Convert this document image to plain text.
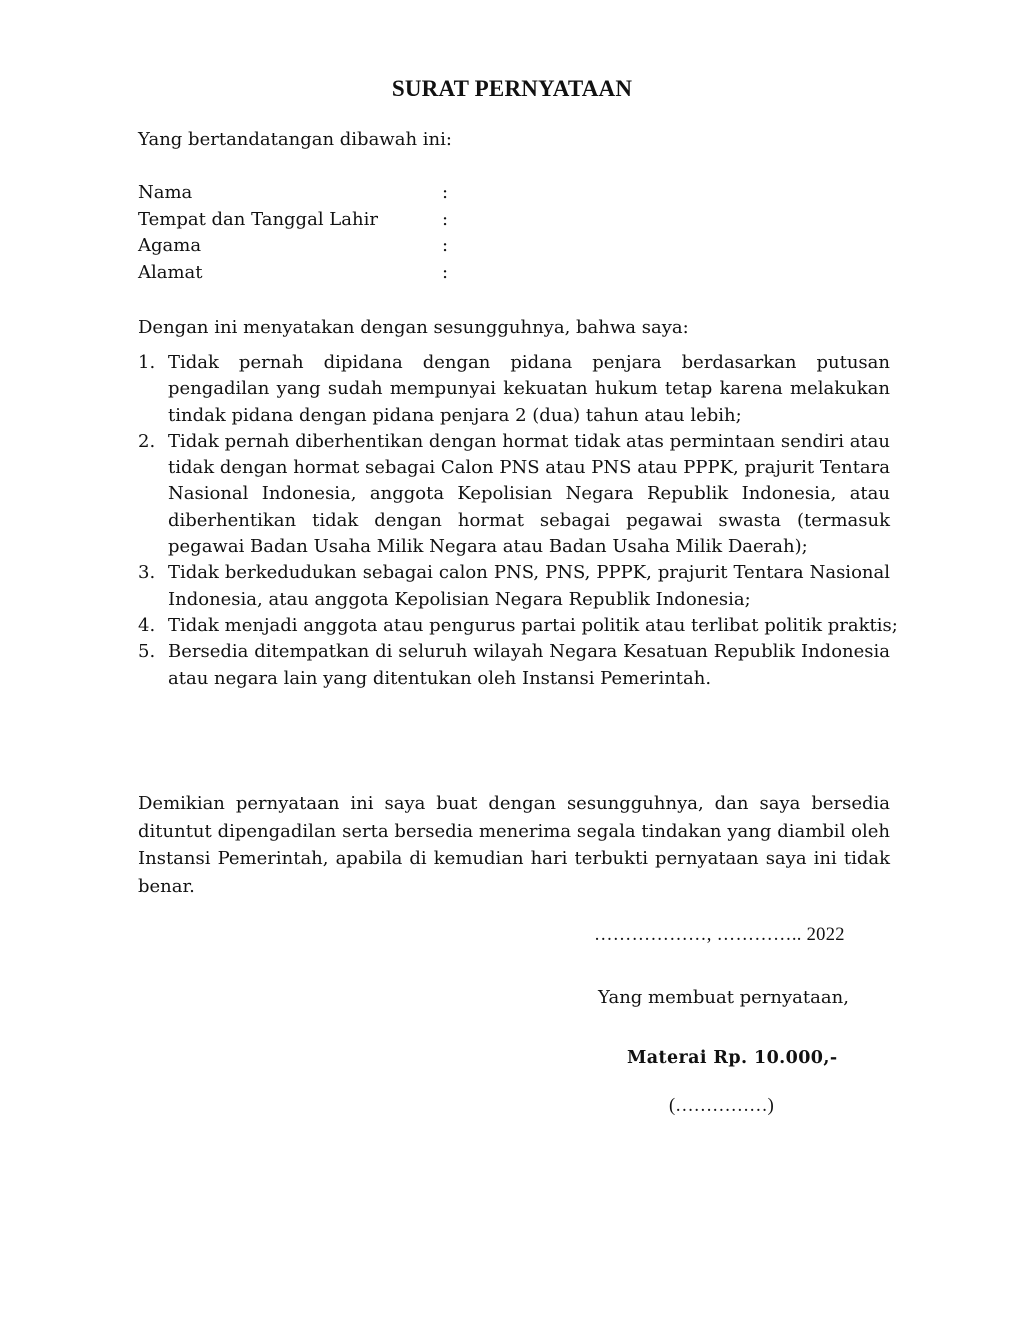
SURAT PERNYATAAN
Yang bertandatangan dibawah ini:
Nama	:
Tempat dan Tanggal Lahir	:
Agama	:
Alamat	:
Dengan ini menyatakan dengan sesungguhnya, bahwa saya:
1. Tidak pernah dipidana dengan pidana penjara berdasarkan putusan pengadilan yang sudah mempunyai kekuatan hukum tetap karena melakukan tindak pidana dengan pidana penjara 2 (dua) tahun atau lebih;
2. Tidak pernah diberhentikan dengan hormat tidak atas permintaan sendiri atau tidak dengan hormat sebagai Calon PNS atau PNS atau PPPK, prajurit Tentara Nasional Indonesia, anggota Kepolisian Negara Republik Indonesia, atau diberhentikan tidak dengan hormat sebagai pegawai swasta (termasuk pegawai Badan Usaha Milik Negara atau Badan Usaha Milik Daerah);
3. Tidak berkedudukan sebagai calon PNS, PNS, PPPK, prajurit Tentara Nasional Indonesia, atau anggota Kepolisian Negara Republik Indonesia;
4. Tidak menjadi anggota atau pengurus partai politik atau terlibat politik praktis;
5. Bersedia ditempatkan di seluruh wilayah Negara Kesatuan Republik Indonesia atau negara lain yang ditentukan oleh Instansi Pemerintah.

Demikian pernyataan ini saya buat dengan sesungguhnya, dan saya bersedia dituntut dipengadilan serta bersedia menerima segala tindakan yang diambil oleh Instansi Pemerintah, apabila di kemudian hari terbukti pernyataan saya ini tidak benar.

………………, ………….. 2022
Yang membuat pernyataan,
Materai Rp. 10.000,-
(……………)
